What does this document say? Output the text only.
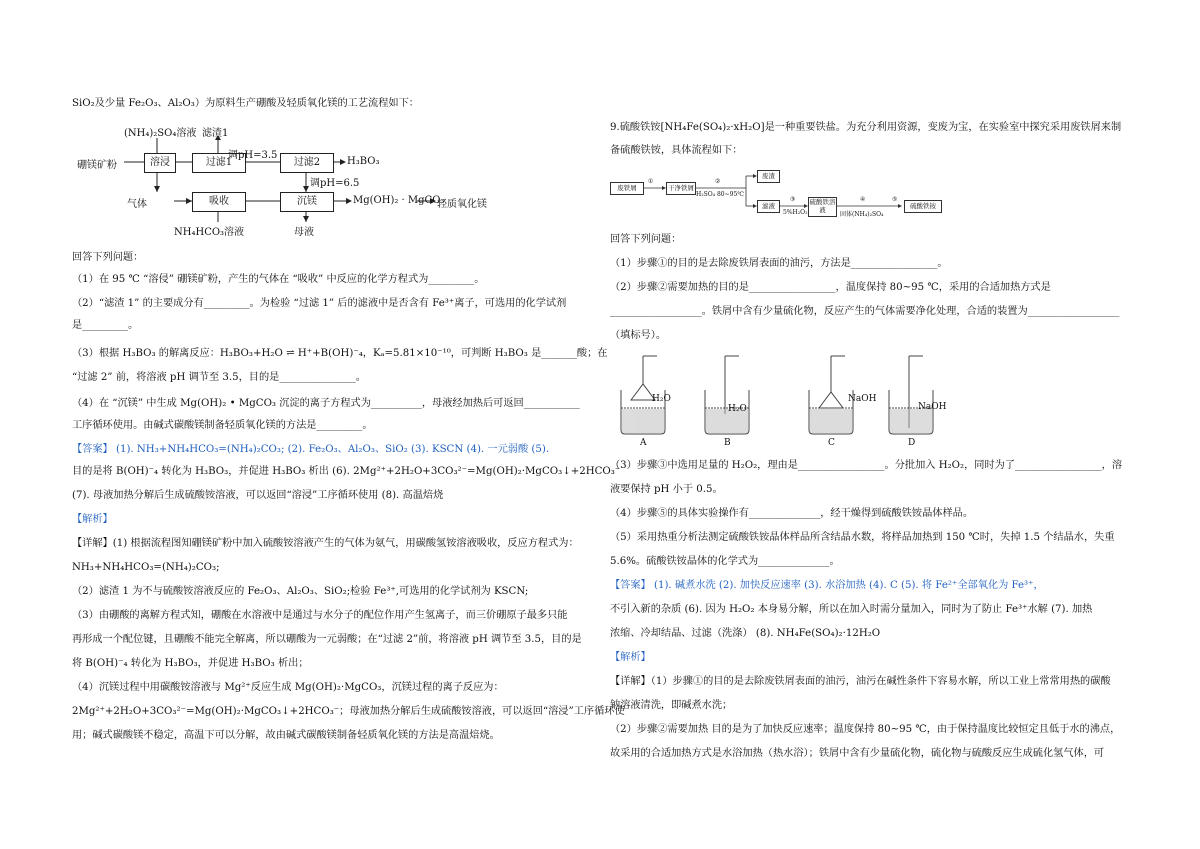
SiO₂及少量 Fe₂O₃、Al₂O₃）为原料生产硼酸及轻质氧化镁的工艺流程如下：
(NH₄)₂SO₄溶液 滤渣1
硼镁矿粉	溶浸	过滤1
调pH=3.5
过滤2	H₃BO₃
调pH=6.5
气体	吸收	沉镁	Mg(OH)₂ · MgCO₃
轻质氧化镁
NH₄HCO₃溶液	母液
回答下列问题：
（1）在 95 ℃ “溶侵” 硼镁矿粉，产生的气体在 “吸收” 中反应的化学方程式为_________。
（2）“滤渣 1” 的主要成分有_________。为检验 “过滤 1” 后的滤液中是否含有 Fe³⁺离子，可选用的化学试剂
是_________。
（3）根据 H₃BO₃ 的解离反应：H₃BO₃+H₂O ⇌ H⁺+B(OH)⁻₄，Kₐ=5.81×10⁻¹⁰，可判断 H₃BO₃ 是_______酸；在
“过滤 2” 前，将溶液 pH 调节至 3.5，目的是_______________。
（4）在 “沉镁” 中生成 Mg(OH)₂ • MgCO₃ 沉淀的离子方程式为__________，母液经加热后可返回___________
工序循环使用。由碱式碳酸镁制备轻质氧化镁的方法是_________。
【答案】 (1). NH₃+NH₄HCO₃=(NH₄)₂CO₃; (2). Fe₂O₃、Al₂O₃、SiO₂ (3). KSCN (4). 一元弱酸 (5).
目的是将 B(OH)⁻₄ 转化为 H₃BO₃，并促进 H₃BO₃ 析出 (6). 2Mg²⁺+2H₂O+3CO₃²⁻=Mg(OH)₂·MgCO₃↓+2HCO₃⁻
(7). 母液加热分解后生成硫酸铵溶液，可以返回“溶浸”工序循环使用 (8). 高温焙烧
【解析】
【详解】(1) 根据流程图知硼镁矿粉中加入硫酸铵溶液产生的气体为氨气，用碳酸氢铵溶液吸收，反应方程式为：
NH₃+NH₄HCO₃=(NH₄)₂CO₃;
（2）滤渣 1 为不与硫酸铵溶液反应的 Fe₂O₃、Al₂O₃、SiO₂;检验 Fe³⁺,可选用的化学试剂为 KSCN;
（3）由硼酸的离解方程式知，硼酸在水溶液中是通过与水分子的配位作用产生氢离子，而三价硼原子最多只能
再形成一个配位键，且硼酸不能完全解离，所以硼酸为一元弱酸；在“过滤 2”前，将溶液 pH 调节至 3.5，目的是
将 B(OH)⁻₄ 转化为 H₃BO₃，并促进 H₃BO₃ 析出；
（4）沉镁过程中用碳酸铵溶液与 Mg²⁺反应生成 Mg(OH)₂·MgCO₃，沉镁过程的离子反应为：
2Mg²⁺+2H₂O+3CO₃²⁻=Mg(OH)₂·MgCO₃↓+2HCO₃⁻；母液加热分解后生成硫酸铵溶液，可以返回“溶浸”工序循环使
用；碱式碳酸镁不稳定，高温下可以分解，故由碱式碳酸镁制备轻质氧化镁的方法是高温焙烧。
9.硫酸铁铵[NH₄Fe(SO₄)₂·xH₂O]是一种重要铁盐。为充分利用资源，变废为宝，在实验室中探究采用废铁屑来制
备硫酸铁铵，具体流程如下：
废铁屑
①
干净铁屑
②
H₂SO₄ 80~95℃
废渣
滤液
③
5%H₂O₂
硫酸铁溶液
④
固体(NH₄)₂SO₄
⑤
硫酸铁铵
回答下列问题：
（1）步骤①的目的是去除废铁屑表面的油污，方法是_________________。
（2）步骤②需要加热的目的是_________________，温度保持 80~95 ℃，采用的合适加热方式是
__________________。铁屑中含有少量硫化物，反应产生的气体需要净化处理，合适的装置为__________________
（填标号）。
H₂O
H₂O
NaOH
NaOH
A	B	C	D
（3）步骤③中选用足量的 H₂O₂，理由是_________________。分批加入 H₂O₂，同时为了_________________，溶
液要保持 pH 小于 0.5。
（4）步骤⑤的具体实验操作有______________，经干燥得到硫酸铁铵晶体样品。
（5）采用热重分析法测定硫酸铁铵晶体样品所含结晶水数，将样品加热到 150 ℃时，失掉 1.5 个结晶水，失重
5.6%。硫酸铁铵晶体的化学式为______________。
【答案】 (1). 碱煮水洗 (2). 加快反应速率 (3). 水浴加热 (4). C (5). 将 Fe²⁺全部氧化为 Fe³⁺，
不引入新的杂质 (6). 因为 H₂O₂ 本身易分解，所以在加入时需分量加入，同时为了防止 Fe³⁺水解 (7). 加热
浓缩、冷却结晶、过滤（洗涤） (8). NH₄Fe(SO₄)₂·12H₂O
【解析】
【详解】（1）步骤①的目的是去除废铁屑表面的油污，油污在碱性条件下容易水解，所以工业上常常用热的碳酸
钠溶液清洗，即碱煮水洗；
（2）步骤②需要加热 目的是为了加快反应速率；温度保持 80~95 ℃，由于保持温度比较恒定且低于水的沸点，
故采用的合适加热方式是水浴加热（热水浴）；铁屑中含有少量硫化物，硫化物与硫酸反应生成硫化氢气体，可
